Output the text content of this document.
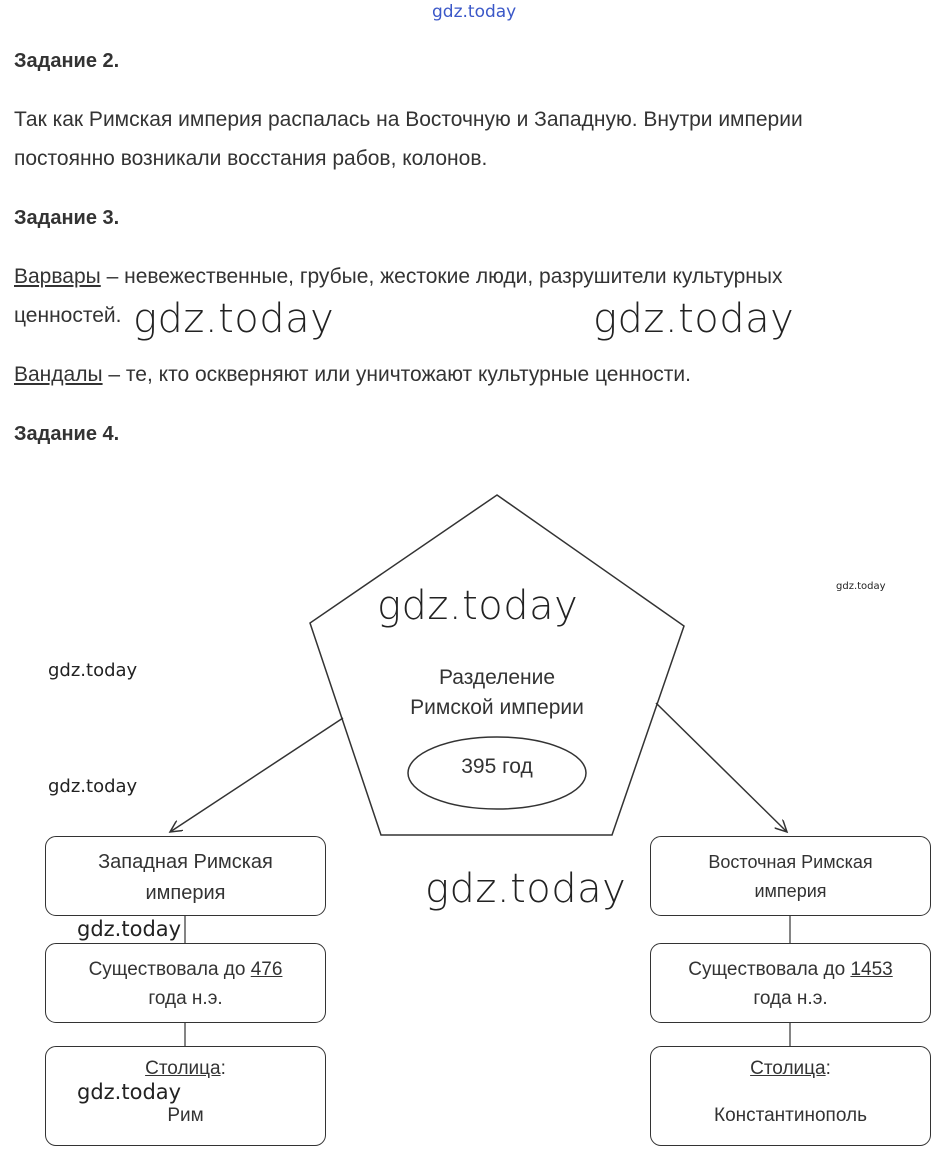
gdz.today
Задание 2.
Так как Римская империя распалась на Восточную и Западную. Внутри империи
постоянно возникали восстания рабов, колонов.
Задание 3.
Варвары – невежественные, грубые, жестокие люди, разрушители культурных
ценностей.
Вандалы – те, кто оскверняют или уничтожают культурные ценности.
Задание 4.
Разделение
Римской империи
395 год
Западная Римская
империя
Существовала до 476
года н.э.
Столица:
Рим
Восточная Римская
империя
Существовала до 1453
года н.э.
Столица:
Константинополь
gdz.today	gdz.today
gdz.today	gdz.today
gdz.today
gdz.today
gdz.today
gdz.today
gdz.today
